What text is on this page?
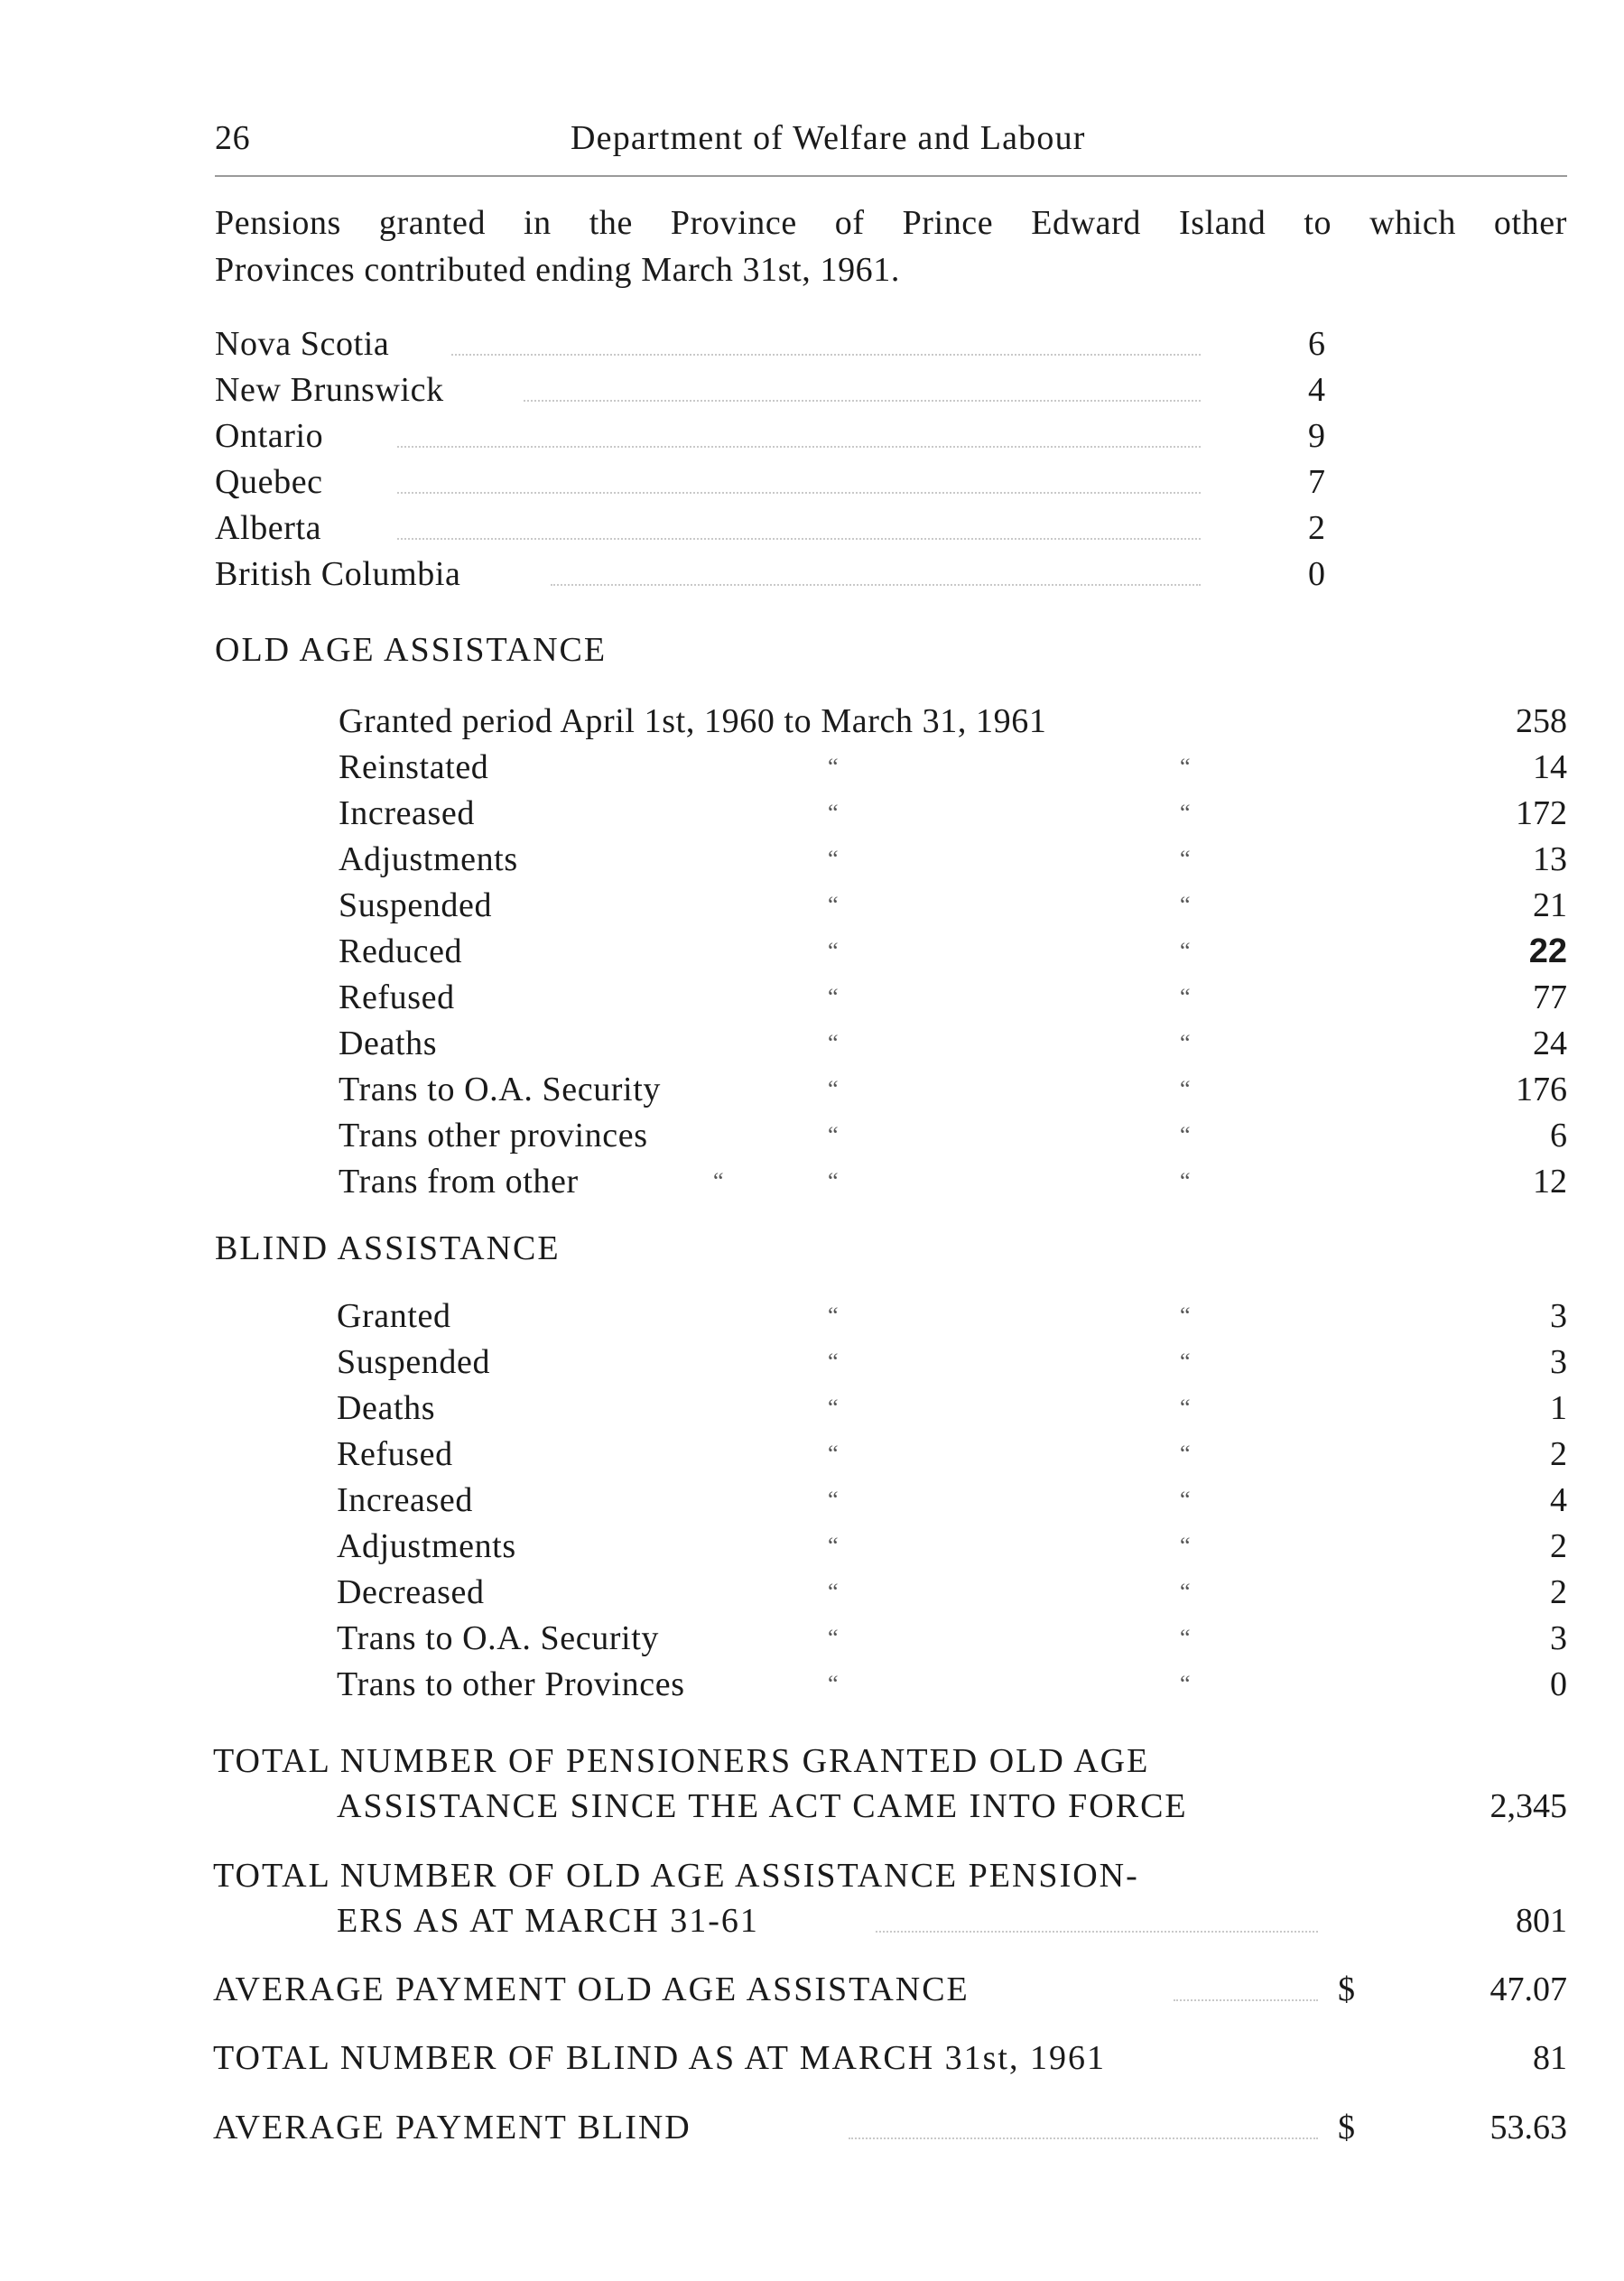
26	Department of Welfare and Labour
Pensions granted in the Province of Prince Edward Island to which other
Provinces contributed ending March 31st, 1961.
Nova Scotia	6
New Brunswick	4
Ontario	9
Quebec	7
Alberta	2
British Columbia	0
OLD AGE ASSISTANCE
Granted period April 1st, 1960 to March 31, 1961	258
Reinstated	“	“	14
Increased	“	“	172
Adjustments	“	“	13
Suspended	“	“	21
Reduced	“	“	22
Refused	“	“	77
Deaths	“	“	24
Trans to O.A. Security	“	“	176
Trans other provinces	“	“	6
Trans from other	“	“	“	12
BLIND ASSISTANCE
Granted	“	“	3
Suspended	“	“	3
Deaths	“	“	1
Refused	“	“	2
Increased	“	“	4
Adjustments	“	“	2
Decreased	“	“	2
Trans to O.A. Security	“	“	3
Trans to other Provinces	“	“	0
TOTAL NUMBER OF PENSIONERS GRANTED OLD AGE
ASSISTANCE SINCE THE ACT CAME INTO FORCE	2,345
TOTAL NUMBER OF OLD AGE ASSISTANCE PENSION-
ERS AS AT MARCH 31-61	801
AVERAGE PAYMENT OLD AGE ASSISTANCE	$	47.07
TOTAL NUMBER OF BLIND AS AT MARCH 31st, 1961	81
AVERAGE PAYMENT BLIND	$	53.63
